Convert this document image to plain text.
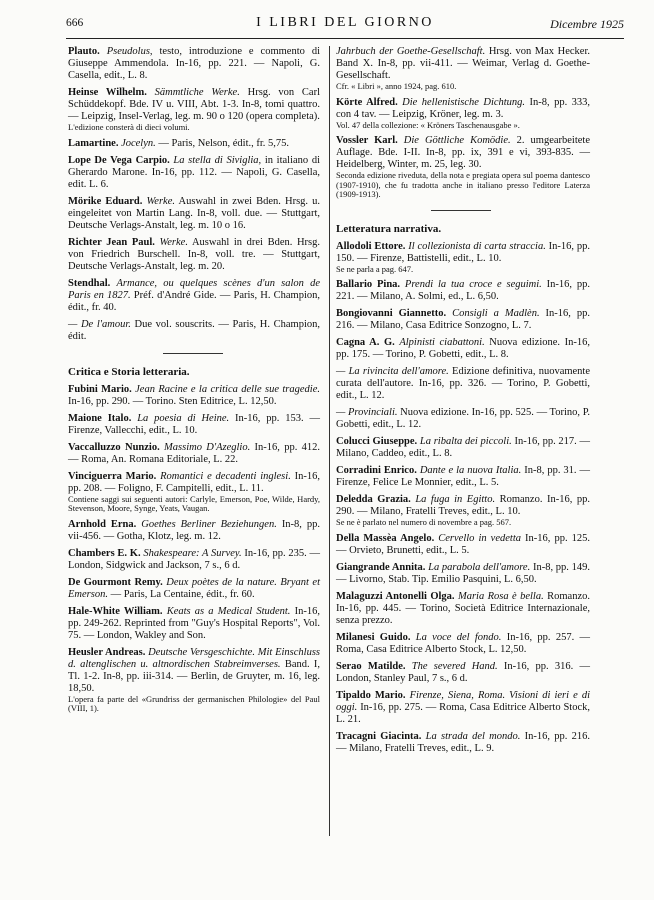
666	I LIBRI DEL GIORNO	Dicembre 1925
Plauto. Pseudolus, testo, introduzione e commento di Giuseppe Ammendola. In-16, pp. 221. — Napoli, G. Casella, edit., L. 8.
Heinse Wilhelm. Sämmtliche Werke. Hrsg. von Carl Schüddekopf. Bde. IV u. VIII, Abt. 1-3. In-8, tomi quattro. — Leipzig, Insel-Verlag, leg. m. 90 o 120 (opera completa).
L'edizione consterà di dieci volumi.
Lamartine. Jocelyn. — Paris, Nelson, édit., fr. 5,75.
Lope De Vega Carpio. La stella di Siviglia, in italiano di Gherardo Marone. In-16, pp. 112. — Napoli, G. Casella, edit. L. 6.
Mörike Eduard. Werke. Auswahl in zwei Bden. Hrsg. u. eingeleitet von Martin Lang. In-8, voll. due. — Stuttgart, Deutsche Verlags-Anstalt, leg. m. 10 o 16.
Richter Jean Paul. Werke. Auswahl in drei Bden. Hrsg. von Friedrich Burschell. In-8, voll. tre. — Stuttgart, Deutsche Verlags-Anstalt, leg. m. 20.
Stendhal. Armance, ou quelques scènes d'un salon de Paris en 1827. Préf. d'André Gide. — Paris, H. Champion, édit., fr. 40.
— De l'amour. Due vol. souscrits. — Paris, H. Champion, édit.
Critica e Storia letteraria.
Fubini Mario. Jean Racine e la critica delle sue tragedie. In-16, pp. 290. — Torino. Sten Editrice, L. 12,50.
Maione Italo. La poesia di Heine. In-16, pp. 153. — Firenze, Vallecchi, edit., L. 10.
Vaccalluzzo Nunzio. Massimo D'Azeglio. In-16, pp. 412. — Roma, An. Romana Editoriale, L. 22.
Vinciguerra Mario. Romantici e decadenti inglesi. In-16, pp. 208. — Foligno, F. Campitelli, edit., L. 11.
Contiene saggi sui seguenti autori: Carlyle, Emerson, Poe, Wilde, Hardy, Stevenson, Moore, Synge, Yeats, Vaugan.
Arnhold Erna. Goethes Berliner Beziehungen. In-8, pp. vii-456. — Gotha, Klotz, leg. m. 12.
Chambers E. K. Shakespeare: A Survey. In-16, pp. 235. — London, Sidgwick and Jackson, 7 s., 6 d.
De Gourmont Remy. Deux poètes de la nature. Bryant et Emerson. — Paris, La Centaine, édit., fr. 60.
Hale-White William. Keats as a Medical Student. In-16, pp. 249-262. Reprinted from "Guy's Hospital Reports", Vol. 75. — London, Wakley and Son.
Heusler Andreas. Deutsche Versgeschichte. Mit Einschluss d. altenglischen u. altnordischen Stabreimverses. Band. I, Tl. 1-2. In-8, pp. iii-314. — Berlin, de Gruyter, m. 16, leg. 18,50.
L'opera fa parte del «Grundriss der germanischen Philologie» del Paul (VIII, 1).
Jahrbuch der Goethe-Gesellschaft. Hrsg. von Max Hecker. Band X. In-8, pp. vii-411. — Weimar, Verlag d. Goethe-Gesellschaft.
Cfr. « Libri », anno 1924, pag. 610.
Körte Alfred. Die hellenistische Dichtung. In-8, pp. 333, con 4 tav. — Leipzig, Kröner, leg. m. 3.
Vol. 47 della collezione: « Kröners Taschenausgabe ».
Vossler Karl. Die Göttliche Komödie. 2. umgearbeitete Auflage. Bde. I-II. In-8, pp. ix, 391 e vi, 393-835. — Heidelberg, Winter, m. 25, leg. 30.
Seconda edizione riveduta, della nota e pregiata opera sul poema dantesco (1907-1910), che fu tradotta anche in italiano presso l'editore Laterza (1909-1913).
Letteratura narrativa.
Allodoli Ettore. Il collezionista di carta straccia. In-16, pp. 150. — Firenze, Battistelli, edit., L. 10.
Se ne parla a pag. 647.
Ballario Pina. Prendi la tua croce e seguimi. In-16, pp. 221. — Milano, A. Solmi, ed., L. 6,50.
Bongiovanni Giannetto. Consigli a Madlèn. In-16, pp. 216. — Milano, Casa Editrice Sonzogno, L. 7.
Cagna A. G. Alpinisti ciabattoni. Nuova edizione. In-16, pp. 175. — Torino, P. Gobetti, edit., L. 8.
— La rivincita dell'amore. Edizione definitiva, nuovamente curata dell'autore. In-16, pp. 326. — Torino, P. Gobetti, edit., L. 12.
— Provinciali. Nuova edizione. In-16, pp. 525. — Torino, P. Gobetti, edit., L. 12.
Colucci Giuseppe. La ribalta dei piccoli. In-16, pp. 217. — Milano, Caddeo, edit., L. 8.
Corradini Enrico. Dante e la nuova Italia. In-8, pp. 31. — Firenze, Felice Le Monnier, edit., L. 5.
Deledda Grazia. La fuga in Egitto. Romanzo. In-16, pp. 290. — Milano, Fratelli Treves, edit., L. 10.
Se ne è parlato nel numero di novembre a pag. 567.
Della Massèa Angelo. Cervello in vedetta In-16, pp. 125. — Orvieto, Brunetti, edit., L. 5.
Giangrande Annita. La parabola dell'amore. In-8, pp. 149. — Livorno, Stab. Tip. Emilio Pasquini, L. 6,50.
Malaguzzi Antonelli Olga. Maria Rosa è bella. Romanzo. In-16, pp. 445. — Torino, Società Editrice Internazionale, senza prezzo.
Milanesi Guido. La voce del fondo. In-16, pp. 257. — Roma, Casa Editrice Alberto Stock, L. 12,50.
Serao Matilde. The severed Hand. In-16, pp. 316. — London, Stanley Paul, 7 s., 6 d.
Tipaldo Mario. Firenze, Siena, Roma. Visioni di ieri e di oggi. In-16, pp. 275. — Roma, Casa Editrice Alberto Stock, L. 21.
Tracagni Giacinta. La strada del mondo. In-16, pp. 216. — Milano, Fratelli Treves, edit., L. 9.
